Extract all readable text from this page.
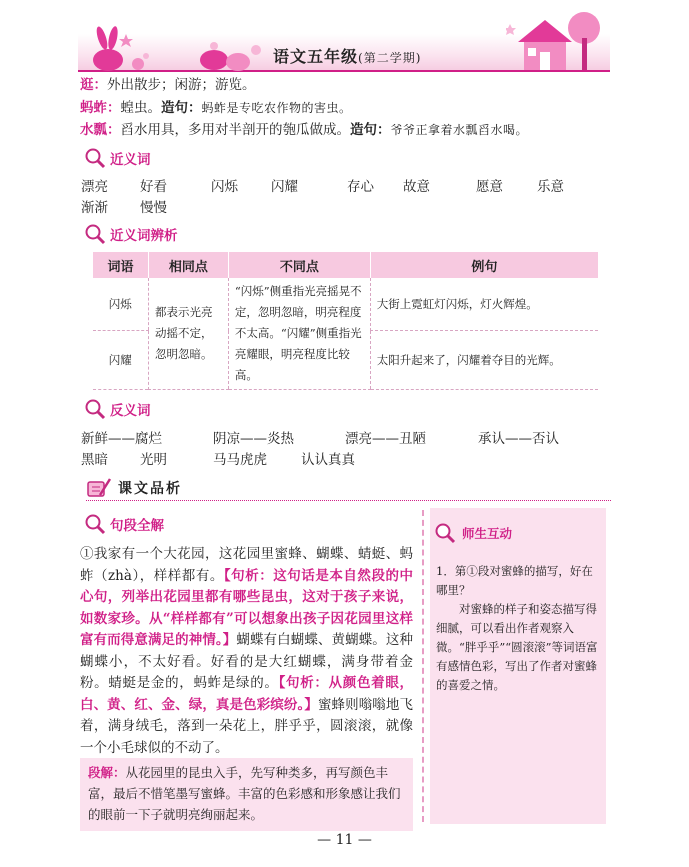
语文五年级(第二学期)
逛：外出散步；闲游；游览。
蚂蚱：蝗虫。造句：蚂蚱是专吃农作物的害虫。
水瓢：舀水用具，多用对半剖开的匏瓜做成。造句：爷爷正拿着水瓢舀水喝。
近义词
漂亮 好看	闪烁 闪耀	存心 故意	愿意	乐意
渐渐 慢慢
近义词辨析
词语	相同点	不同点	例句
闪烁	都表示光亮动摇不定，忽明忽暗。	“闪烁”侧重指光亮摇晃不定，忽明忽暗，明亮程度不太高。“闪耀”侧重指光亮耀眼，明亮程度比较高。	大街上霓虹灯闪烁，灯火辉煌。
闪耀			太阳升起来了，闪耀着夺目的光辉。
反义词
新鲜——腐烂	阴凉——炎热	漂亮——丑陋	承认——否认
黑暗 光明	马马虎虎	认认真真
课文品析
句段全解
①我家有一个大花园，这花园里蜜蜂、蝴蝶、蜻蜓、蚂蚱（zhà），样样都有。【句析：这句话是本自然段的中心句，列举出花园里都有哪些昆虫，这对于孩子来说，如数家珍。从“样样都有”可以想象出孩子因花园里这样富有而得意满足的神情。】蝴蝶有白蝴蝶、黄蝴蝶。这种蝴蝶小，不太好看。好看的是大红蝴蝶，满身带着金粉。蜻蜓是金的，蚂蚱是绿的。【句析：从颜色着眼，白、黄、红、金、绿，真是色彩缤纷。】蜜蜂则嗡嗡地飞着，满身绒毛，落到一朵花上，胖乎乎，圆滚滚，就像一个小毛球似的不动了。
段解：从花园里的昆虫入手，先写种类多，再写颜色丰富，最后不惜笔墨写蜜蜂。丰富的色彩感和形象感让我们的眼前一下子就明亮绚丽起来。
师生互动
1．第①段对蜜蜂的描写，好在哪里？
对蜜蜂的样子和姿态描写得细腻，可以看出作者观察入微。“胖乎乎”“圆滚滚”等词语富有感情色彩，写出了作者对蜜蜂的喜爱之情。
— 11 —
